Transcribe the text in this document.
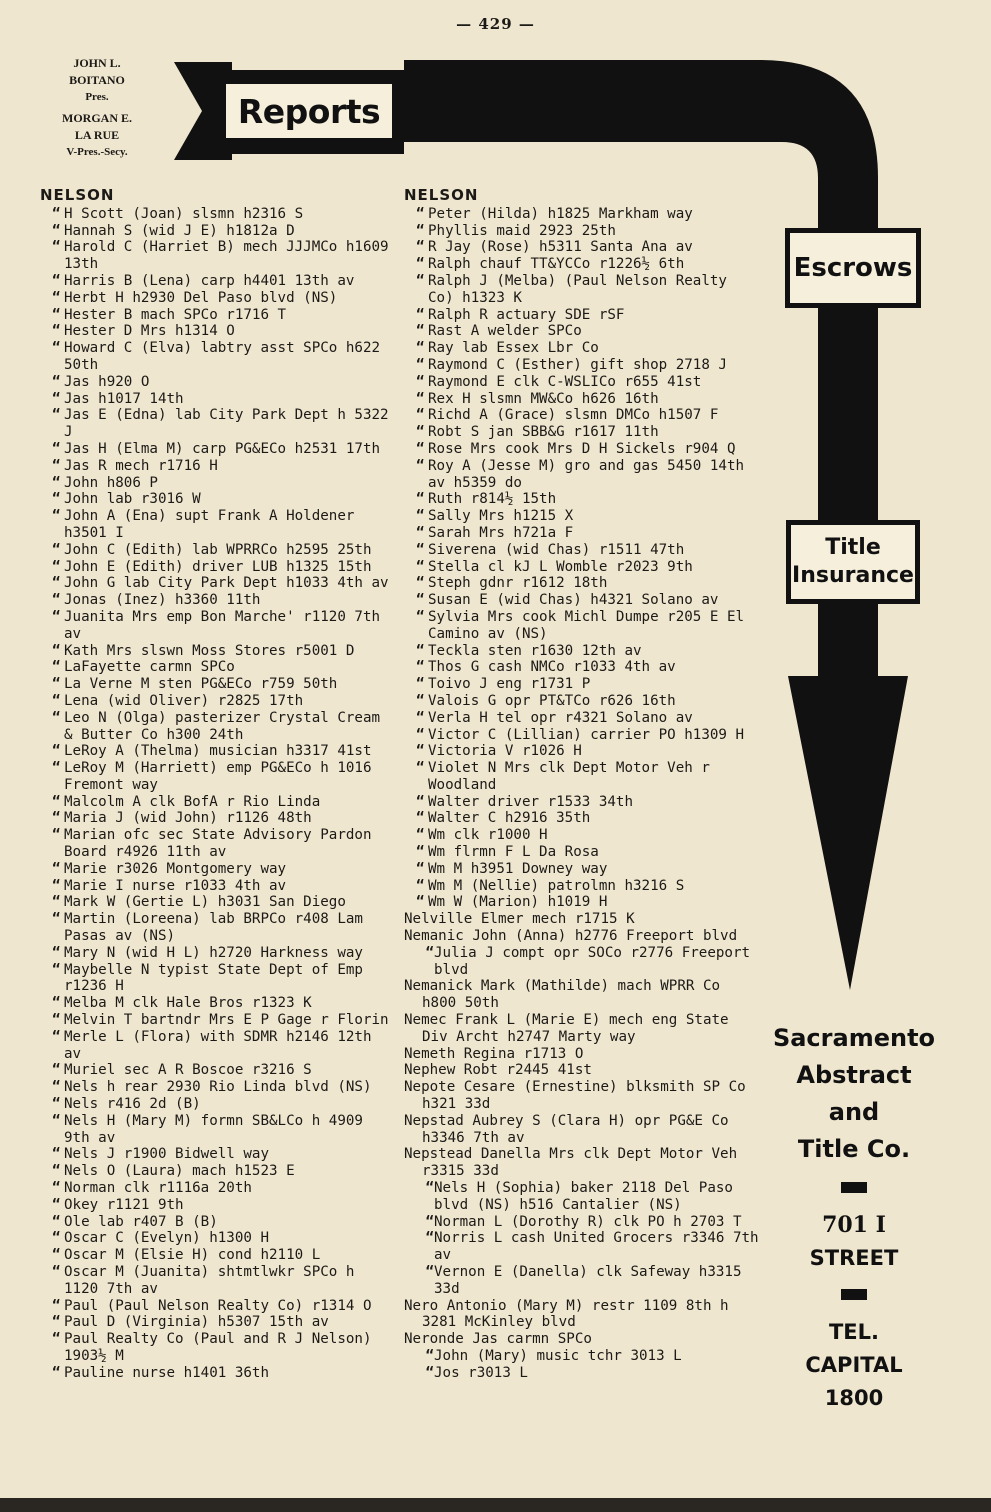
— 429 —
JOHN L.
BOITANO
Pres.
MORGAN E.
LA RUE
V-Pres.-Secy.
Reports
Escrows
Title
Insurance
Sacramento
Abstract
and
Title Co.
701 I
STREET
TEL.
CAPITAL
1800
NELSON
“ H Scott (Joan) slsmn h2316 S
“ Hannah S (wid J E) h1812a D
“ Harold C (Harriet B) mech JJJMCo h1609 13th
“ Harris B (Lena) carp h4401 13th av
“ Herbt H h2930 Del Paso blvd (NS)
“ Hester B mach SPCo r1716 T
“ Hester D Mrs h1314 O
“ Howard C (Elva) labtry asst SPCo h622 50th
“ Jas h920 O
“ Jas h1017 14th
“ Jas E (Edna) lab City Park Dept h 5322 J
“ Jas H (Elma M) carp PG&ECo h2531 17th
“ Jas R mech r1716 H
“ John h806 P
“ John lab r3016 W
“ John A (Ena) supt Frank A Holdener h3501 I
“ John C (Edith) lab WPRRCo h2595 25th
“ John E (Edith) driver LUB h1325 15th
“ John G lab City Park Dept h1033 4th av
“ Jonas (Inez) h3360 11th
“ Juanita Mrs emp Bon Marche' r1120 7th av
“ Kath Mrs slswn Moss Stores r5001 D
“ LaFayette carmn SPCo
“ La Verne M sten PG&ECo r759 50th
“ Lena (wid Oliver) r2825 17th
“ Leo N (Olga) pasterizer Crystal Cream & Butter Co h300 24th
“ LeRoy A (Thelma) musician h3317 41st
“ LeRoy M (Harriett) emp PG&ECo h 1016 Fremont way
“ Malcolm A clk BofA r Rio Linda
“ Maria J (wid John) r1126 48th
“ Marian ofc sec State Advisory Pardon Board r4926 11th av
“ Marie r3026 Montgomery way
“ Marie I nurse r1033 4th av
“ Mark W (Gertie L) h3031 San Diego
“ Martin (Loreena) lab BRPCo r408 Lam Pasas av (NS)
“ Mary N (wid H L) h2720 Harkness way
“ Maybelle N typist State Dept of Emp r1236 H
“ Melba M clk Hale Bros r1323 K
“ Melvin T bartndr Mrs E P Gage r Florin
“ Merle L (Flora) with SDMR h2146 12th av
“ Muriel sec A R Boscoe r3216 S
“ Nels h rear 2930 Rio Linda blvd (NS)
“ Nels r416 2d (B)
“ Nels H (Mary M) formn SB&LCo h 4909 9th av
“ Nels J r1900 Bidwell way
“ Nels O (Laura) mach h1523 E
“ Norman clk r1116a 20th
“ Okey r1121 9th
“ Ole lab r407 B (B)
“ Oscar C (Evelyn) h1300 H
“ Oscar M (Elsie H) cond h2110 L
“ Oscar M (Juanita) shtmtlwkr SPCo h 1120 7th av
“ Paul (Paul Nelson Realty Co) r1314 O
“ Paul D (Virginia) h5307 15th av
“ Paul Realty Co (Paul and R J Nelson) 1903½ M
“ Pauline nurse h1401 36th
NELSON
“ Peter (Hilda) h1825 Markham way
“ Phyllis maid 2923 25th
“ R Jay (Rose) h5311 Santa Ana av
“ Ralph chauf TT&YCCo r1226½ 6th
“ Ralph J (Melba) (Paul Nelson Realty Co) h1323 K
“ Ralph R actuary SDE rSF
“ Rast A welder SPCo
“ Ray lab Essex Lbr Co
“ Raymond C (Esther) gift shop 2718 J
“ Raymond E clk C-WSLICo r655 41st
“ Rex H slsmn MW&Co h626 16th
“ Richd A (Grace) slsmn DMCo h1507 F
“ Robt S jan SBB&G r1617 11th
“ Rose Mrs cook Mrs D H Sickels r904 Q
“ Roy A (Jesse M) gro and gas 5450 14th av h5359 do
“ Ruth r814½ 15th
“ Sally Mrs h1215 X
“ Sarah Mrs h721a F
“ Siverena (wid Chas) r1511 47th
“ Stella cl kJ L Womble r2023 9th
“ Steph gdnr r1612 18th
“ Susan E (wid Chas) h4321 Solano av
“ Sylvia Mrs cook Michl Dumpe r205 E El Camino av (NS)
“ Teckla sten r1630 12th av
“ Thos G cash NMCo r1033 4th av
“ Toivo J eng r1731 P
“ Valois G opr PT&TCo r626 16th
“ Verla H tel opr r4321 Solano av
“ Victor C (Lillian) carrier PO h1309 H
“ Victoria V r1026 H
“ Violet N Mrs clk Dept Motor Veh r Woodland
“ Walter driver r1533 34th
“ Walter C h2916 35th
“ Wm clk r1000 H
“ Wm flrmn F L Da Rosa
“ Wm M h3951 Downey way
“ Wm M (Nellie) patrolmn h3216 S
“ Wm W (Marion) h1019 H
Nelville Elmer mech r1715 K
Nemanic John (Anna) h2776 Freeport blvd
“Julia J compt opr SOCo r2776 Freeport blvd
Nemanick Mark (Mathilde) mach WPRR Co h800 50th
Nemec Frank L (Marie E) mech eng State Div Archt h2747 Marty way
Nemeth Regina r1713 O
Nephew Robt r2445 41st
Nepote Cesare (Ernestine) blksmith SP Co h321 33d
Nepstad Aubrey S (Clara H) opr PG&E Co h3346 7th av
Nepstead Danella Mrs clk Dept Motor Veh r3315 33d
“Nels H (Sophia) baker 2118 Del Paso blvd (NS) h516 Cantalier (NS)
“Norman L (Dorothy R) clk PO h 2703 T
“Norris L cash United Grocers r3346 7th av
“Vernon E (Danella) clk Safeway h3315 33d
Nero Antonio (Mary M) restr 1109 8th h 3281 McKinley blvd
Neronde Jas carmn SPCo
“John (Mary) music tchr 3013 L
“Jos r3013 L
